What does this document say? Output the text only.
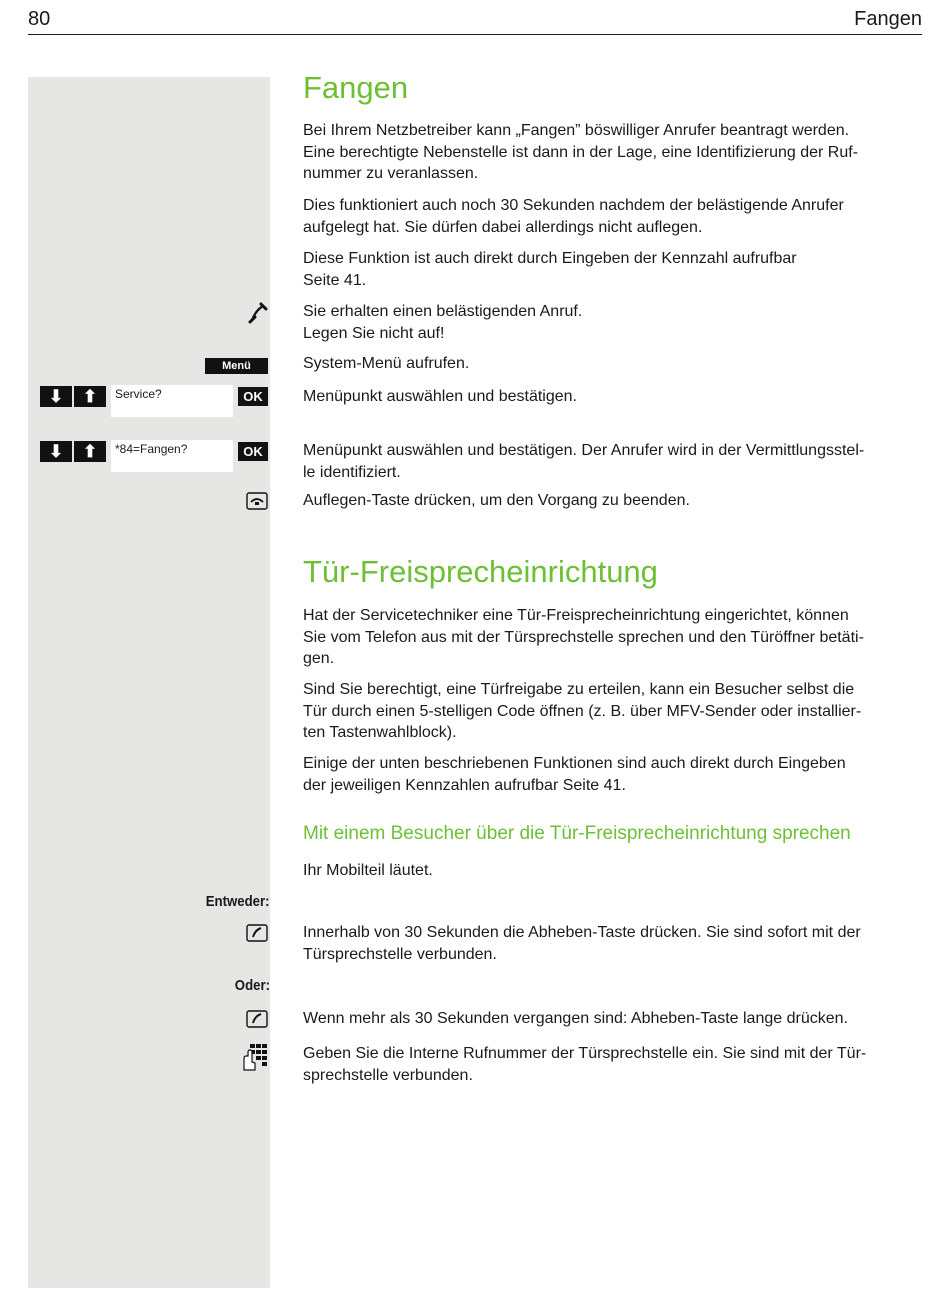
80	Fangen
Fangen
Bei Ihrem Netzbetreiber kann „Fangen” böswilliger Anrufer beantragt werden.
Eine berechtigte Nebenstelle ist dann in der Lage, eine Identifizierung der Ruf-
nummer zu veranlassen.
Dies funktioniert auch noch 30 Sekunden nachdem der belästigende Anrufer
aufgelegt hat. Sie dürfen dabei allerdings nicht auflegen.
Diese Funktion ist auch direkt durch Eingeben der Kennzahl aufrufbar
Seite 41.
Sie erhalten einen belästigenden Anruf.
Legen Sie nicht auf!
Menü	System-Menü aufrufen.
⬇	⬆	Service?	OK	Menüpunkt auswählen und bestätigen.
⬇	⬆	*84=Fangen?	OK	Menüpunkt auswählen und bestätigen. Der Anrufer wird in der Vermittlungsstel-
le identifiziert.
Auflegen-Taste drücken, um den Vorgang zu beenden.
Tür-Freisprecheinrichtung
Hat der Servicetechniker eine Tür-Freisprecheinrichtung eingerichtet, können
Sie vom Telefon aus mit der Türsprechstelle sprechen und den Türöffner betäti-
gen.
Sind Sie berechtigt, eine Türfreigabe zu erteilen, kann ein Besucher selbst die
Tür durch einen 5-stelligen Code öffnen (z. B. über MFV-Sender oder installier-
ten Tastenwahlblock).
Einige der unten beschriebenen Funktionen sind auch direkt durch Eingeben
der jeweiligen Kennzahlen aufrufbar Seite 41.
Mit einem Besucher über die Tür-Freisprecheinrichtung sprechen
Ihr Mobilteil läutet.
Entweder:
Innerhalb von 30 Sekunden die Abheben-Taste drücken. Sie sind sofort mit der
Türsprechstelle verbunden.
Oder:
Wenn mehr als 30 Sekunden vergangen sind: Abheben-Taste lange drücken.
Geben Sie die Interne Rufnummer der Türsprechstelle ein. Sie sind mit der Tür-
sprechstelle verbunden.
